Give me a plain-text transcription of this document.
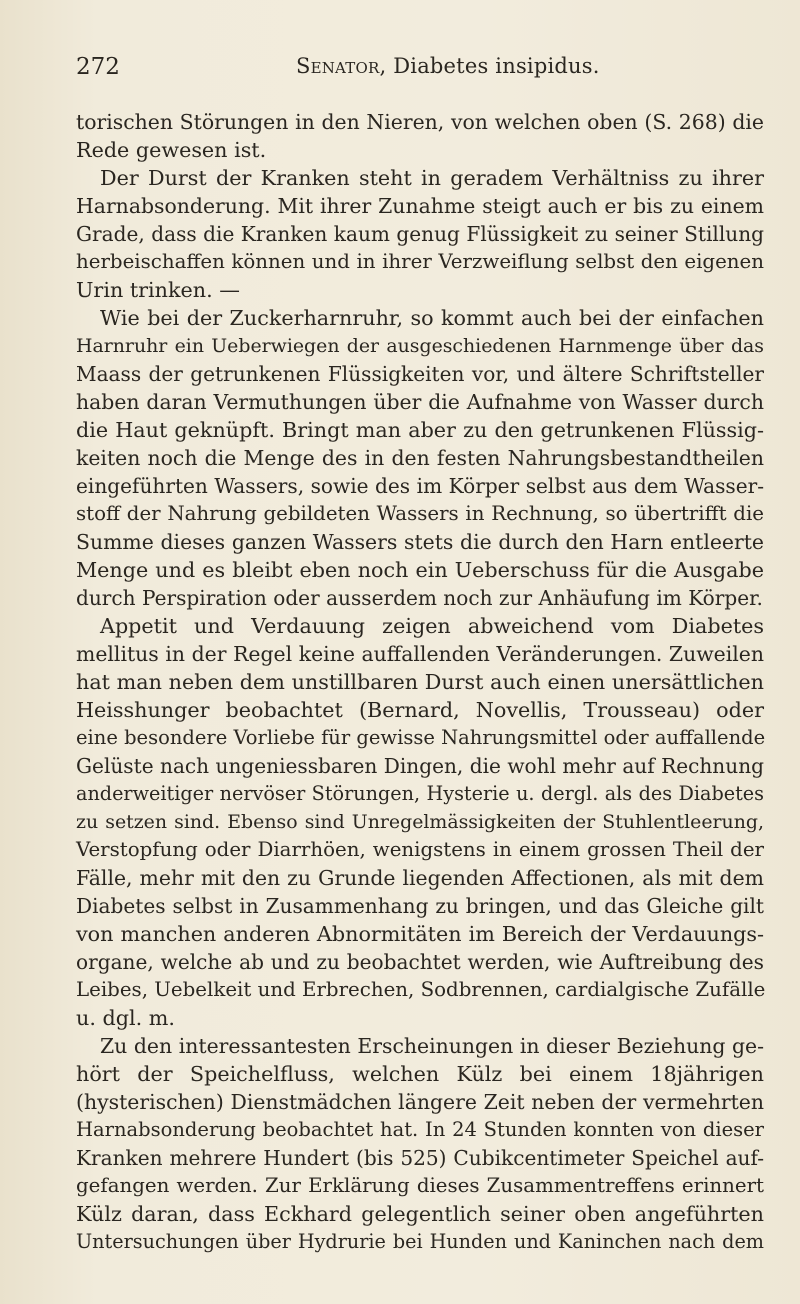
272	Senator, Diabetes insipidus.
torischen Störungen in den Nieren, von welchen oben (S. 268) die
Rede gewesen ist.
Der Durst der Kranken steht in geradem Verhältniss zu ihrer
Harnabsonderung. Mit ihrer Zunahme steigt auch er bis zu einem
Grade, dass die Kranken kaum genug Flüssigkeit zu seiner Stillung
herbeischaffen können und in ihrer Verzweiflung selbst den eigenen
Urin trinken. —
Wie bei der Zuckerharnruhr, so kommt auch bei der einfachen
Harnruhr ein Ueberwiegen der ausgeschiedenen Harnmenge über das
Maass der getrunkenen Flüssigkeiten vor, und ältere Schriftsteller
haben daran Vermuthungen über die Aufnahme von Wasser durch
die Haut geknüpft. Bringt man aber zu den getrunkenen Flüssig-
keiten noch die Menge des in den festen Nahrungsbestandtheilen
eingeführten Wassers, sowie des im Körper selbst aus dem Wasser-
stoff der Nahrung gebildeten Wassers in Rechnung, so übertrifft die
Summe dieses ganzen Wassers stets die durch den Harn entleerte
Menge und es bleibt eben noch ein Ueberschuss für die Ausgabe
durch Perspiration oder ausserdem noch zur Anhäufung im Körper.
Appetit und Verdauung zeigen abweichend vom Diabetes
mellitus in der Regel keine auffallenden Veränderungen. Zuweilen
hat man neben dem unstillbaren Durst auch einen unersättlichen
Heisshunger beobachtet (Bernard, Novellis, Trousseau) oder
eine besondere Vorliebe für gewisse Nahrungsmittel oder auffallende
Gelüste nach ungeniessbaren Dingen, die wohl mehr auf Rechnung
anderweitiger nervöser Störungen, Hysterie u. dergl. als des Diabetes
zu setzen sind. Ebenso sind Unregelmässigkeiten der Stuhlentleerung,
Verstopfung oder Diarrhöen, wenigstens in einem grossen Theil der
Fälle, mehr mit den zu Grunde liegenden Affectionen, als mit dem
Diabetes selbst in Zusammenhang zu bringen, und das Gleiche gilt
von manchen anderen Abnormitäten im Bereich der Verdauungs-
organe, welche ab und zu beobachtet werden, wie Auftreibung des
Leibes, Uebelkeit und Erbrechen, Sodbrennen, cardialgische Zufälle
u. dgl. m.
Zu den interessantesten Erscheinungen in dieser Beziehung ge-
hört der Speichelfluss, welchen Külz bei einem 18jährigen
(hysterischen) Dienstmädchen längere Zeit neben der vermehrten
Harnabsonderung beobachtet hat. In 24 Stunden konnten von dieser
Kranken mehrere Hundert (bis 525) Cubikcentimeter Speichel auf-
gefangen werden. Zur Erklärung dieses Zusammentreffens erinnert
Külz daran, dass Eckhard gelegentlich seiner oben angeführten
Untersuchungen über Hydrurie bei Hunden und Kaninchen nach dem
